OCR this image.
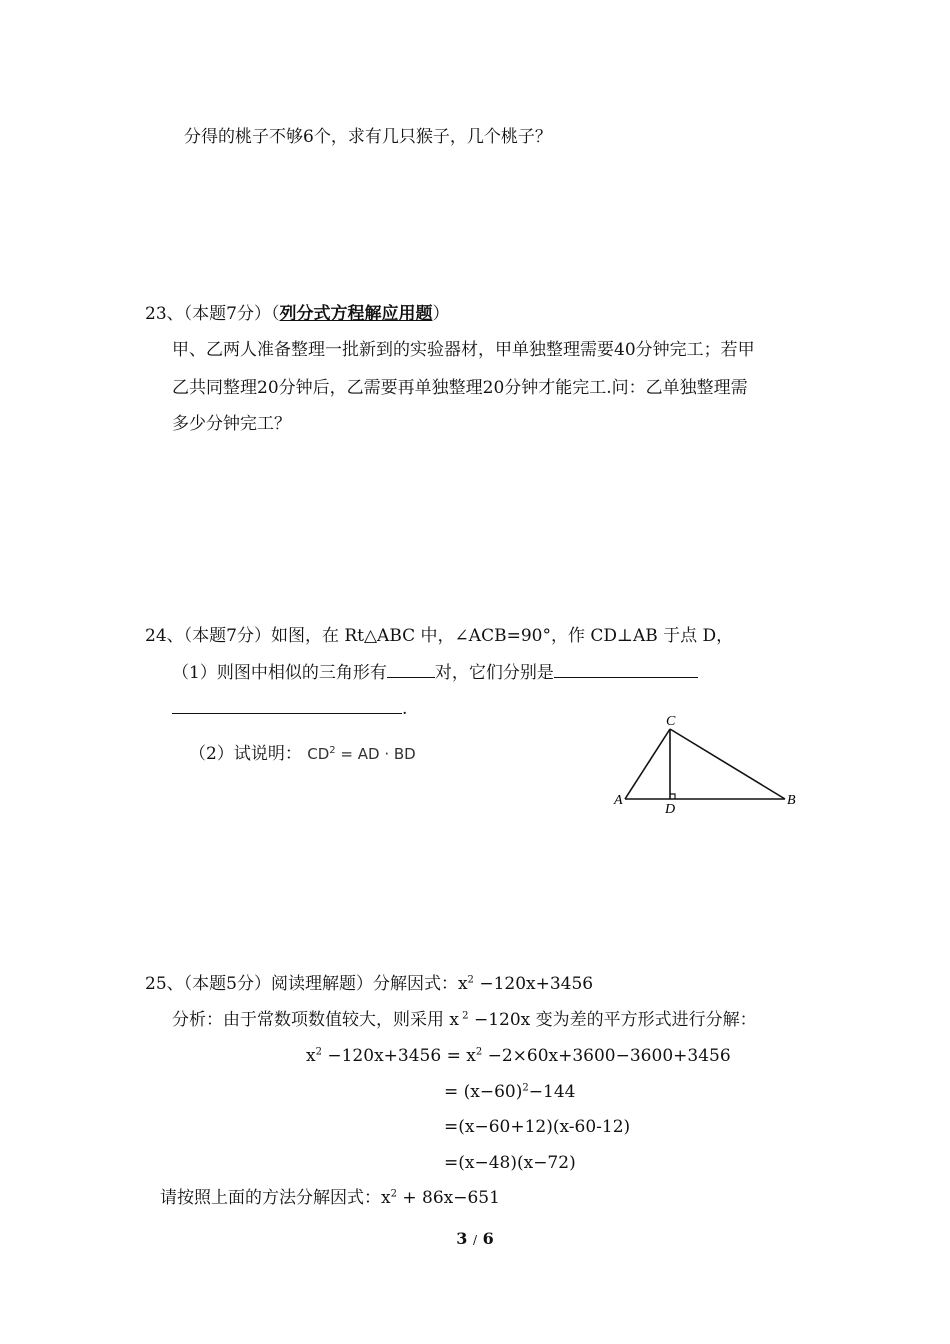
分得的桃子不够6个，求有几只猴子，几个桃子？
23、（本题7分）（列分式方程解应用题）
甲、乙两人准备整理一批新到的实验器材，甲单独整理需要40分钟完工；若甲
乙共同整理20分钟后，乙需要再单独整理20分钟才能完工.问：乙单独整理需
多少分钟完工？
24、（本题7分）如图，在 Rt△ABC 中，∠ACB=90°，作 CD⊥AB 于点 D，
（1）则图中相似的三角形有	对，它们分别是
.
（2）试说明： $CD^2$ = AD · BD
C
A
D
B
25、（本题5分）阅读理解题）分解因式：$x^2 -120x+3456$
分析：由于常数项数值较大，则采用 x $^2$ −120x 变为差的平方形式进行分解：
$x^2 -120x+3456 = x^2 -2\times 60x+3600-3600+3456$
= $(x-60)^2-144$
=(x−60+12)(x-60-12)
=(x−48)(x−72)
请按照上面的方法分解因式：$x^2 + 86x-651$
3 / 6
